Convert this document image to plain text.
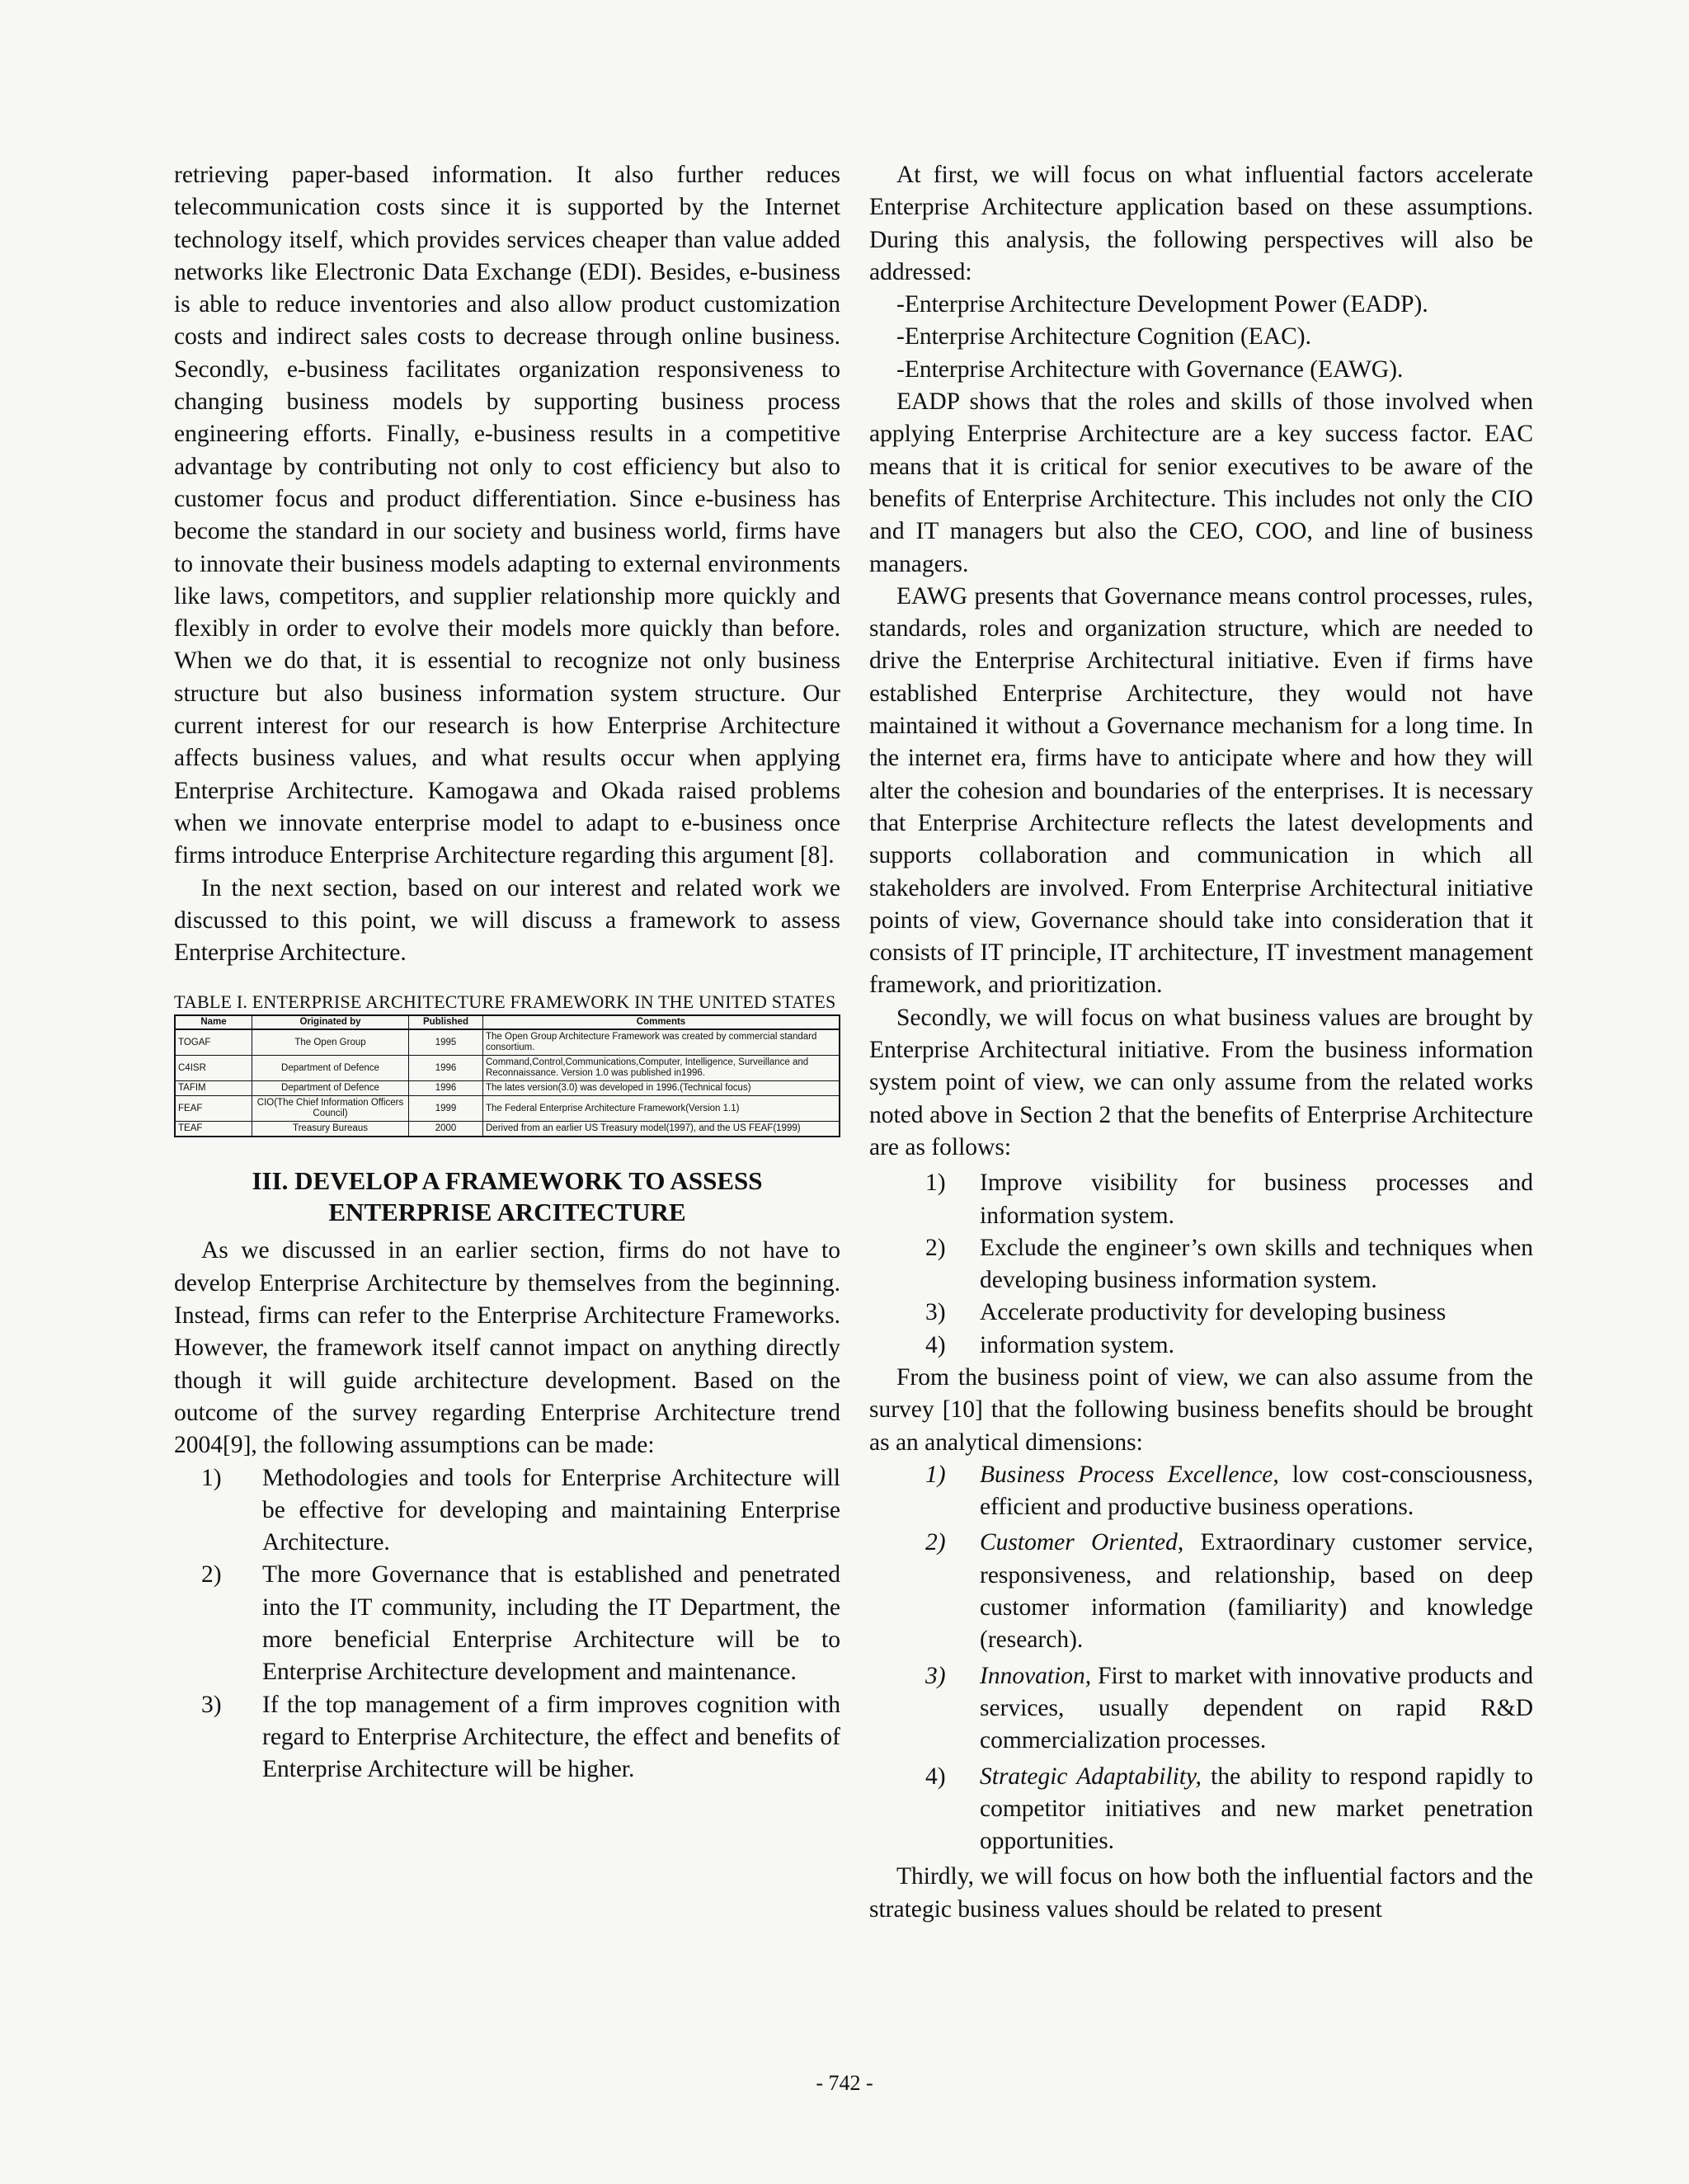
retrieving paper-based information. It also further reduces telecommunication costs since it is supported by the Internet technology itself, which provides services cheaper than value added networks like Electronic Data Exchange (EDI). Besides, e-business is able to reduce inventories and also allow product customization costs and indirect sales costs to decrease through online business. Secondly, e-business facilitates organization responsiveness to changing business models by supporting business process engineering efforts. Finally, e-business results in a competitive advantage by contributing not only to cost efficiency but also to customer focus and product differentiation. Since e-business has become the standard in our society and business world, firms have to innovate their business models adapting to external environments like laws, competitors, and supplier relationship more quickly and flexibly in order to evolve their models more quickly than before. When we do that, it is essential to recognize not only business structure but also business information system structure. Our current interest for our research is how Enterprise Architecture affects business values, and what results occur when applying Enterprise Architecture. Kamogawa and Okada raised problems when we innovate enterprise model to adapt to e-business once firms introduce Enterprise Architecture regarding this argument [8].

In the next section, based on our interest and related work we discussed to this point, we will discuss a framework to assess Enterprise Architecture.

TABLE I. ENTERPRISE ARCHITECTURE FRAMEWORK IN THE UNITED STATES
Name	Originated by	Published	Comments
TOGAF	The Open Group	1995	The Open Group Architecture Framework was created by commercial standard consortium.
C4ISR	Department of Defence	1996	Command,Control,Communications,Computer, Intelligence, Surveillance and Reconnaissance. Version 1.0 was published in1996.
TAFIM	Department of Defence	1996	The lates version(3.0) was developed in 1996.(Technical focus)
FEAF	CIO(The Chief Information Officers Council)	1999	The Federal Enterprise Architecture Framework(Version 1.1)
TEAF	Treasury Bureaus	2000	Derived from an earlier US Treasury model(1997), and the US FEAF(1999)
III. DEVELOP A FRAMEWORK TO ASSESS
ENTERPRISE ARCITECTURE

As we discussed in an earlier section, firms do not have to develop Enterprise Architecture by themselves from the beginning. Instead, firms can refer to the Enterprise Architecture Frameworks. However, the framework itself cannot impact on anything directly though it will guide architecture development. Based on the outcome of the survey regarding Enterprise Architecture trend 2004[9], the following assumptions can be made:

1) Methodologies and tools for Enterprise Architecture will be effective for developing and maintaining Enterprise Architecture.
2) The more Governance that is established and penetrated into the IT community, including the IT Department, the more beneficial Enterprise Architecture will be to Enterprise Architecture development and maintenance.
3) If the top management of a firm improves cognition with regard to Enterprise Architecture, the effect and benefits of Enterprise Architecture will be higher.

At first, we will focus on what influential factors accelerate Enterprise Architecture application based on these assumptions. During this analysis, the following perspectives will also be addressed:

-Enterprise Architecture Development Power (EADP).

-Enterprise Architecture Cognition (EAC).

-Enterprise Architecture with Governance (EAWG).

EADP shows that the roles and skills of those involved when applying Enterprise Architecture are a key success factor. EAC means that it is critical for senior executives to be aware of the benefits of Enterprise Architecture. This includes not only the CIO and IT managers but also the CEO, COO, and line of business managers.

EAWG presents that Governance means control processes, rules, standards, roles and organization structure, which are needed to drive the Enterprise Architectural initiative. Even if firms have established Enterprise Architecture, they would not have maintained it without a Governance mechanism for a long time. In the internet era, firms have to anticipate where and how they will alter the cohesion and boundaries of the enterprises. It is necessary that Enterprise Architecture reflects the latest developments and supports collaboration and communication in which all stakeholders are involved. From Enterprise Architectural initiative points of view, Governance should take into consideration that it consists of IT principle, IT architecture, IT investment management framework, and prioritization.

Secondly, we will focus on what business values are brought by Enterprise Architectural initiative. From the business information system point of view, we can only assume from the related works noted above in Section 2 that the benefits of Enterprise Architecture are as follows:

1) Improve visibility for business processes and information system.
2) Exclude the engineer’s own skills and techniques when developing business information system.
3) Accelerate productivity for developing business
4) information system.

From the business point of view, we can also assume from the survey [10] that the following business benefits should be brought as an analytical dimensions:

1) Business Process Excellence, low cost-consciousness, efficient and productive business operations.
2) Customer Oriented, Extraordinary customer service, responsiveness, and relationship, based on deep customer information (familiarity) and knowledge (research).
3) Innovation, First to market with innovative products and services, usually dependent on rapid R&D commercialization processes.
4) Strategic Adaptability, the ability to respond rapidly to competitor initiatives and new market penetration opportunities.

Thirdly, we will focus on how both the influential factors and the strategic business values should be related to present

- 742 -
